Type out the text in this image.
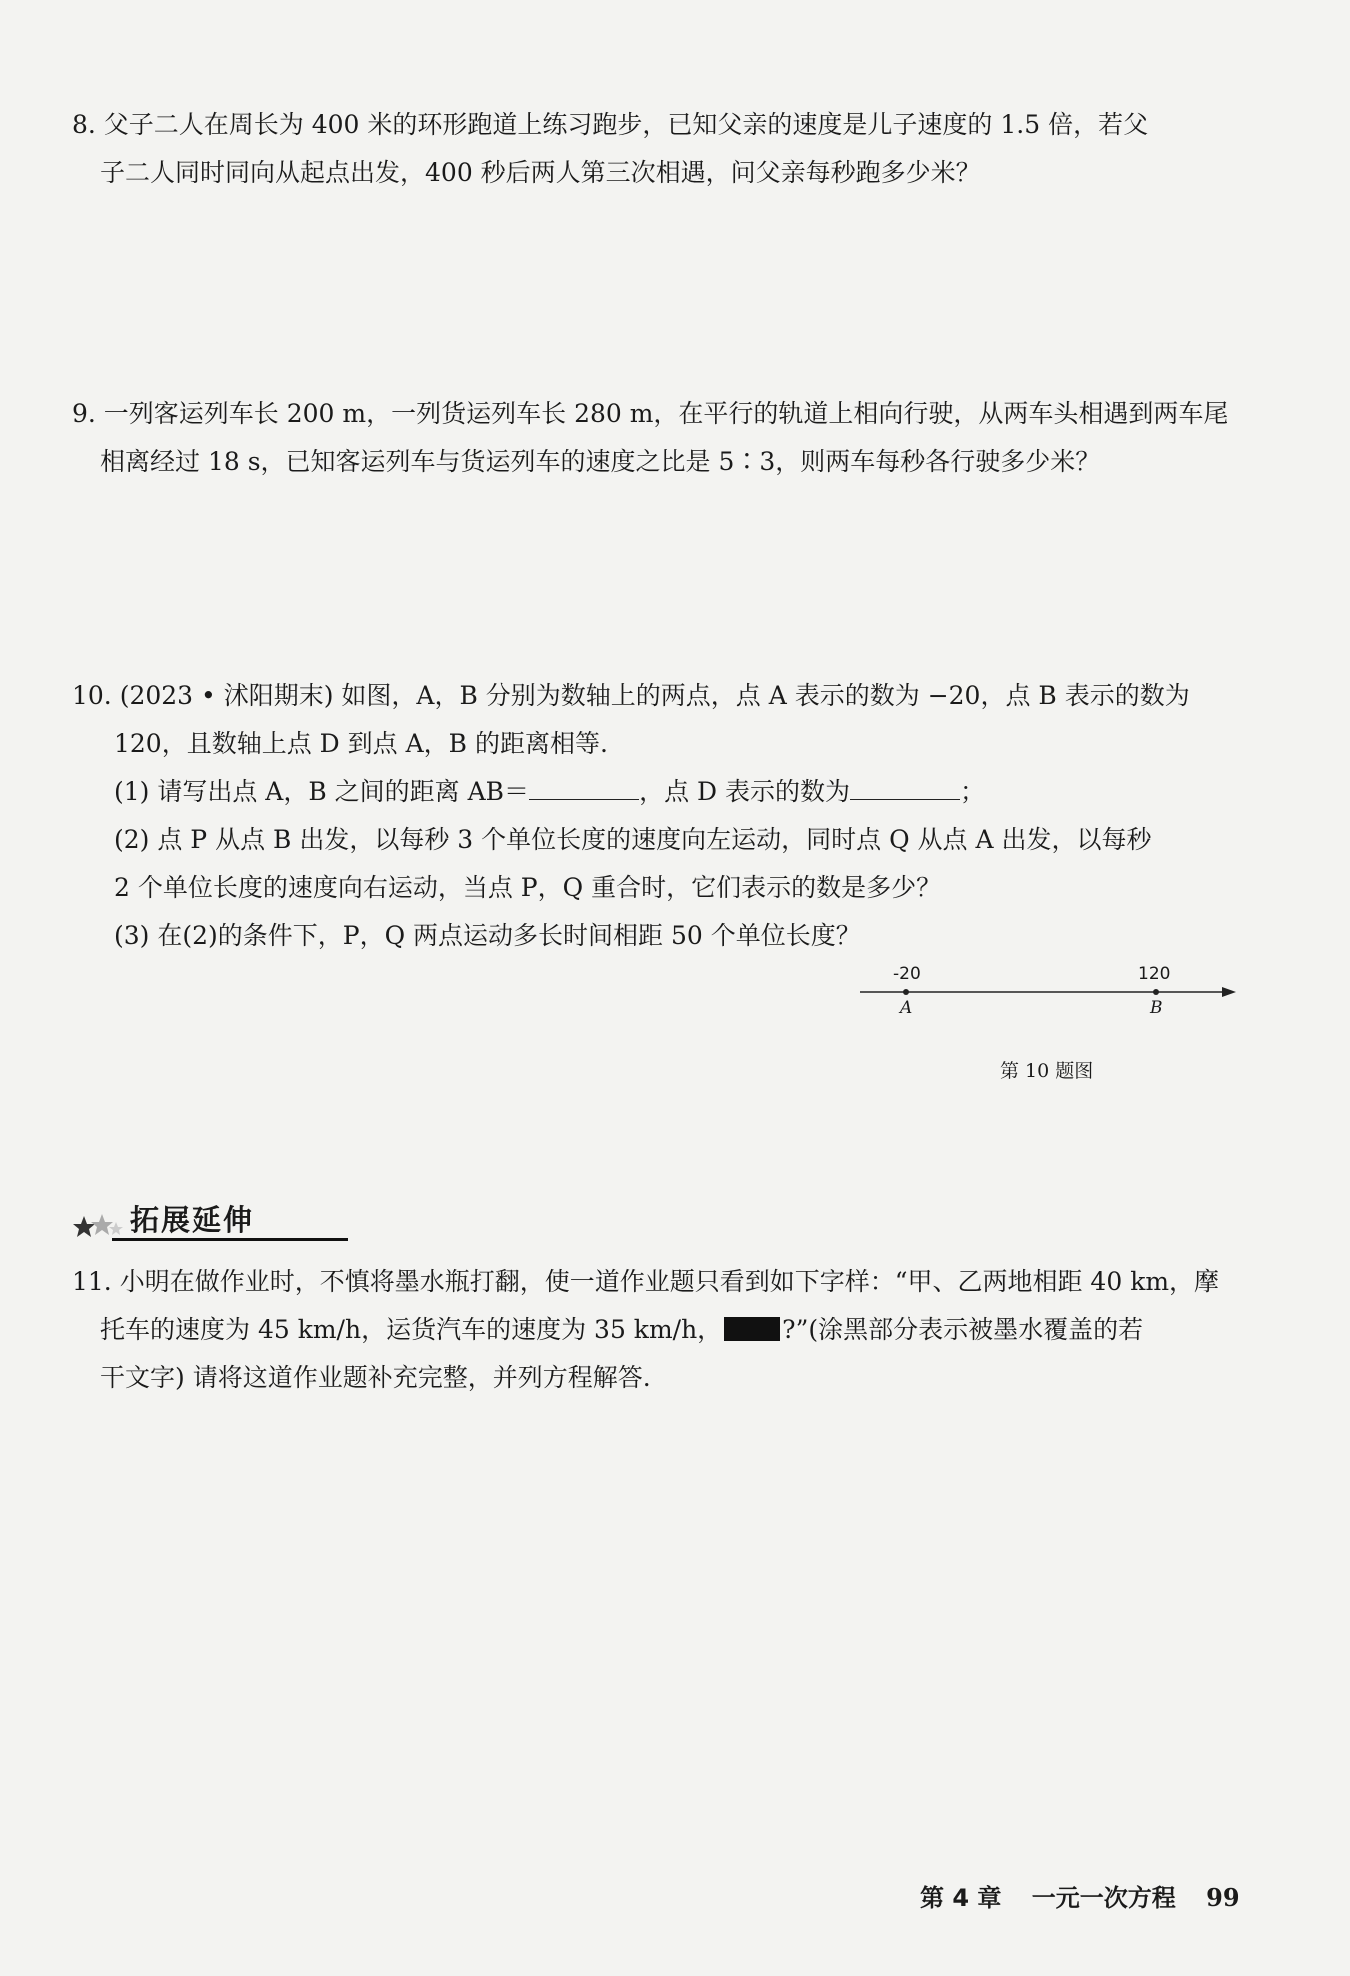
8. 父子二人在周长为 400 米的环形跑道上练习跑步，已知父亲的速度是儿子速度的 1.5 倍，若父
子二人同时同向从起点出发，400 秒后两人第三次相遇，问父亲每秒跑多少米？
9. 一列客运列车长 200 m，一列货运列车长 280 m，在平行的轨道上相向行驶，从两车头相遇到两车尾
相离经过 18 s，已知客运列车与货运列车的速度之比是 5∶3，则两车每秒各行驶多少米？
10. (2023 • 沭阳期末) 如图，A，B 分别为数轴上的两点，点 A 表示的数为 −20，点 B 表示的数为
120，且数轴上点 D 到点 A，B 的距离相等.
(1) 请写出点 A，B 之间的距离 AB＝	，点 D 表示的数为	；
(2) 点 P 从点 B 出发，以每秒 3 个单位长度的速度向左运动，同时点 Q 从点 A 出发，以每秒
2 个单位长度的速度向右运动，当点 P，Q 重合时，它们表示的数是多少？
(3) 在(2)的条件下，P，Q 两点运动多长时间相距 50 个单位长度？
-20	120
A	B
第 10 题图
拓展延伸
11. 小明在做作业时，不慎将墨水瓶打翻，使一道作业题只看到如下字样：“甲、乙两地相距 40 km，摩
托车的速度为 45 km/h，运货汽车的速度为 35 km/h， ?”(涂黑部分表示被墨水覆盖的若
干文字) 请将这道作业题补充完整，并列方程解答.
第 4 章 一元一次方程 99
